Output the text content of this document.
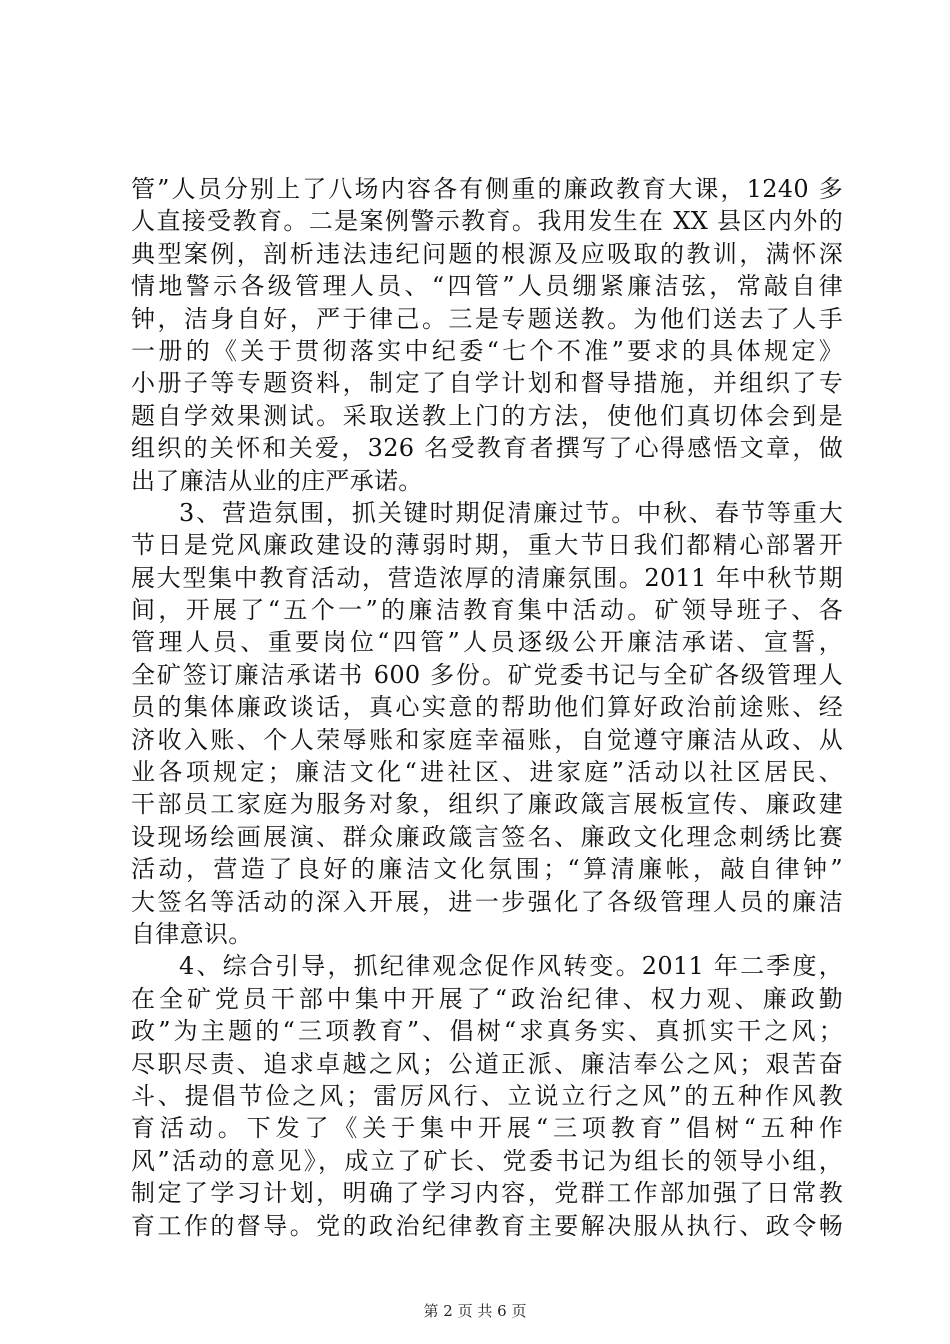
管”人员分别上了八场内容各有侧重的廉政教育大课，1240 多
人直接受教育。二是案例警示教育。我用发生在 XX 县区内外的
典型案例，剖析违法违纪问题的根源及应吸取的教训，满怀深
情地警示各级管理人员、“四管”人员绷紧廉洁弦，常敲自律
钟，洁身自好，严于律己。三是专题送教。为他们送去了人手
一册的《关于贯彻落实中纪委“七个不准”要求的具体规定》
小册子等专题资料，制定了自学计划和督导措施，并组织了专
题自学效果测试。采取送教上门的方法，使他们真切体会到是
组织的关怀和关爱，326 名受教育者撰写了心得感悟文章，做
出了廉洁从业的庄严承诺。
3、营造氛围，抓关键时期促清廉过节。中秋、春节等重大
节日是党风廉政建设的薄弱时期，重大节日我们都精心部署开
展大型集中教育活动，营造浓厚的清廉氛围。2011 年中秋节期
间，开展了“五个一”的廉洁教育集中活动。矿领导班子、各
管理人员、重要岗位“四管”人员逐级公开廉洁承诺、宣誓，
全矿签订廉洁承诺书 600 多份。矿党委书记与全矿各级管理人
员的集体廉政谈话，真心实意的帮助他们算好政治前途账、经
济收入账、个人荣辱账和家庭幸福账，自觉遵守廉洁从政、从
业各项规定；廉洁文化“进社区、进家庭”活动以社区居民、
干部员工家庭为服务对象，组织了廉政箴言展板宣传、廉政建
设现场绘画展演、群众廉政箴言签名、廉政文化理念刺绣比赛
活动，营造了良好的廉洁文化氛围；“算清廉帐，敲自律钟”
大签名等活动的深入开展，进一步强化了各级管理人员的廉洁
自律意识。
4、综合引导，抓纪律观念促作风转变。2011 年二季度，
在全矿党员干部中集中开展了“政治纪律、权力观、廉政勤
政”为主题的“三项教育”、倡树“求真务实、真抓实干之风；
尽职尽责、追求卓越之风；公道正派、廉洁奉公之风；艰苦奋
斗、提倡节俭之风；雷厉风行、立说立行之风”的五种作风教
育活动。下发了《关于集中开展“三项教育”倡树“五种作
风”活动的意见》，成立了矿长、党委书记为组长的领导小组，
制定了学习计划，明确了学习内容，党群工作部加强了日常教
育工作的督导。党的政治纪律教育主要解决服从执行、政令畅
第 2 页 共 6 页
